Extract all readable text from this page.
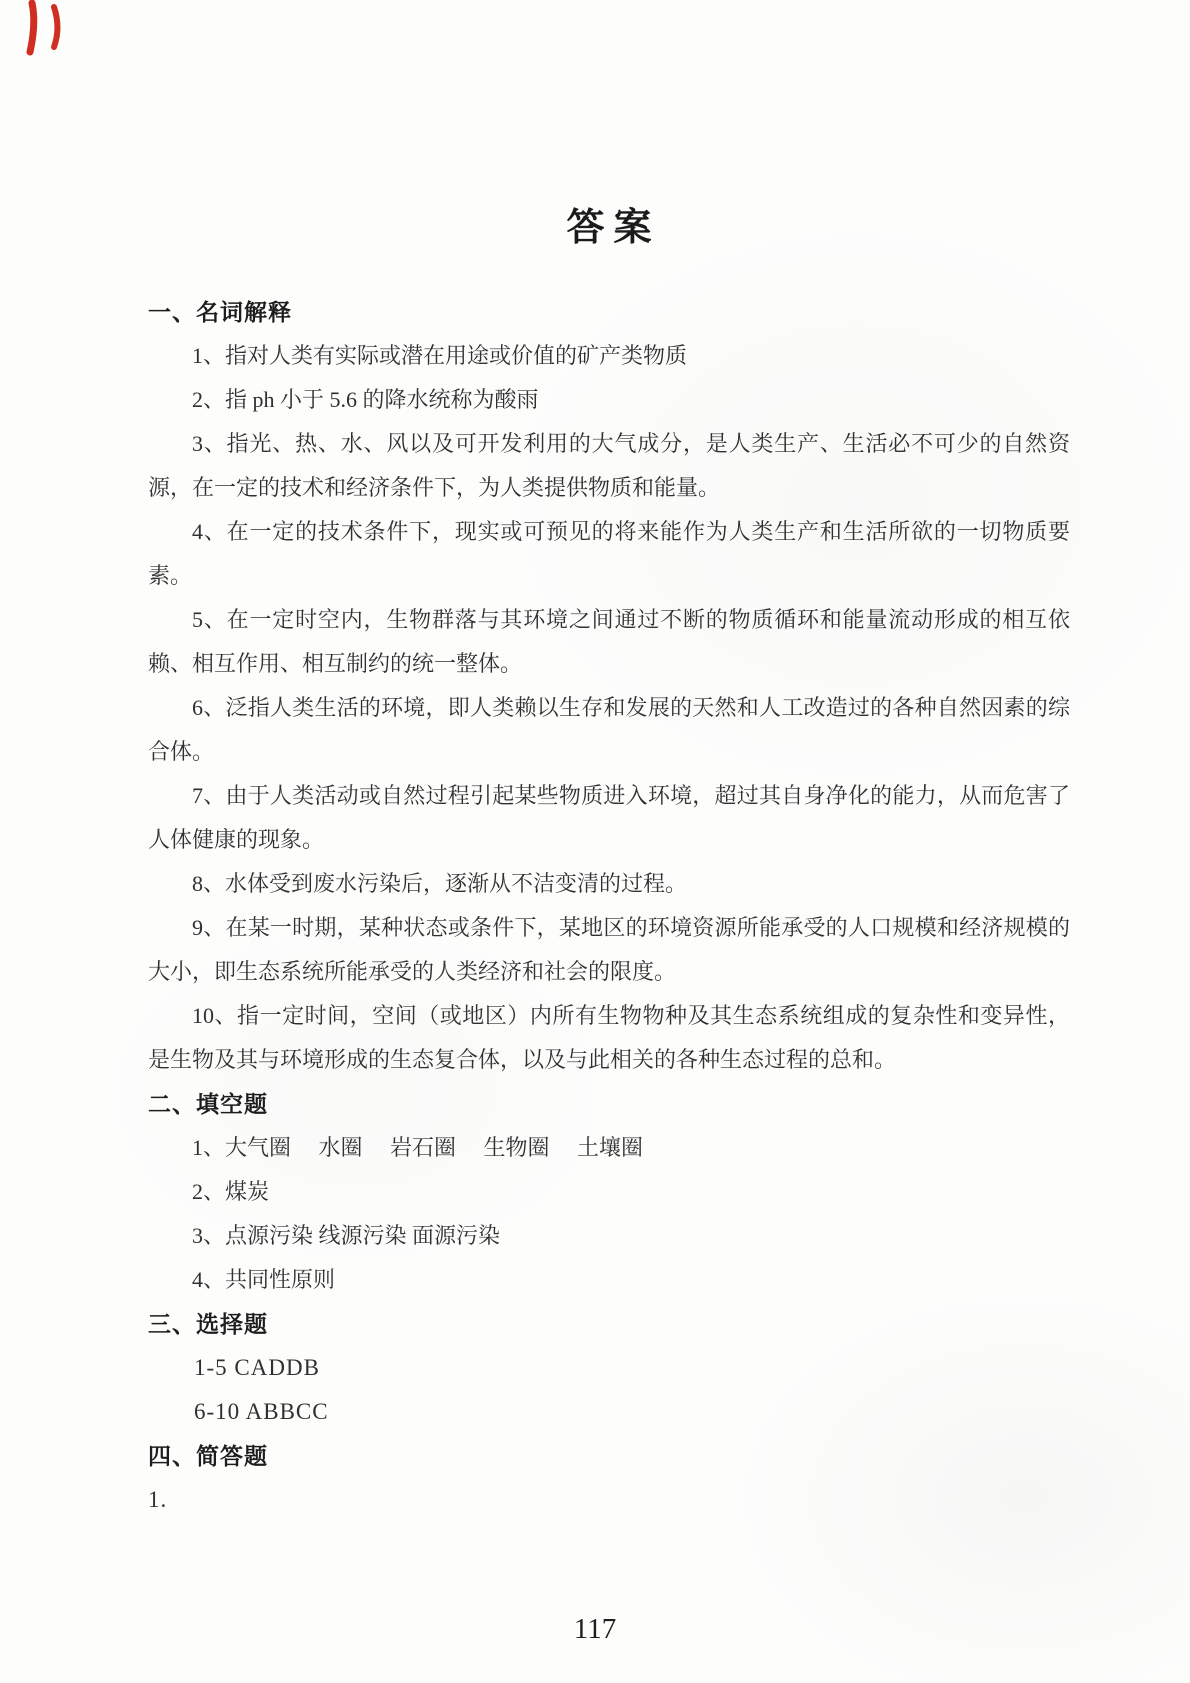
答案
一、名词解释

1、指对人类有实际或潜在用途或价值的矿产类物质

2、指 ph 小于 5.6 的降水统称为酸雨

3、指光、热、水、风以及可开发利用的大气成分，是人类生产、生活必不可少的自然资源，在一定的技术和经济条件下，为人类提供物质和能量。

4、在一定的技术条件下，现实或可预见的将来能作为人类生产和生活所欲的一切物质要素。

5、在一定时空内，生物群落与其环境之间通过不断的物质循环和能量流动形成的相互依赖、相互作用、相互制约的统一整体。

6、泛指人类生活的环境，即人类赖以生存和发展的天然和人工改造过的各种自然因素的综合体。

7、由于人类活动或自然过程引起某些物质进入环境，超过其自身净化的能力，从而危害了人体健康的现象。

8、水体受到废水污染后，逐渐从不洁变清的过程。

9、在某一时期，某种状态或条件下，某地区的环境资源所能承受的人口规模和经济规模的大小，即生态系统所能承受的人类经济和社会的限度。

10、指一定时间，空间（或地区）内所有生物物种及其生态系统组成的复杂性和变异性，是生物及其与环境形成的生态复合体，以及与此相关的各种生态过程的总和。

二、填空题

1、大气圈　 水圈　 岩石圈　 生物圈　 土壤圈

2、煤炭

3、点源污染 线源污染 面源污染

4、共同性原则

三、选择题

1-5 CADDB

6-10 ABBCC

四、简答题

1.

117
